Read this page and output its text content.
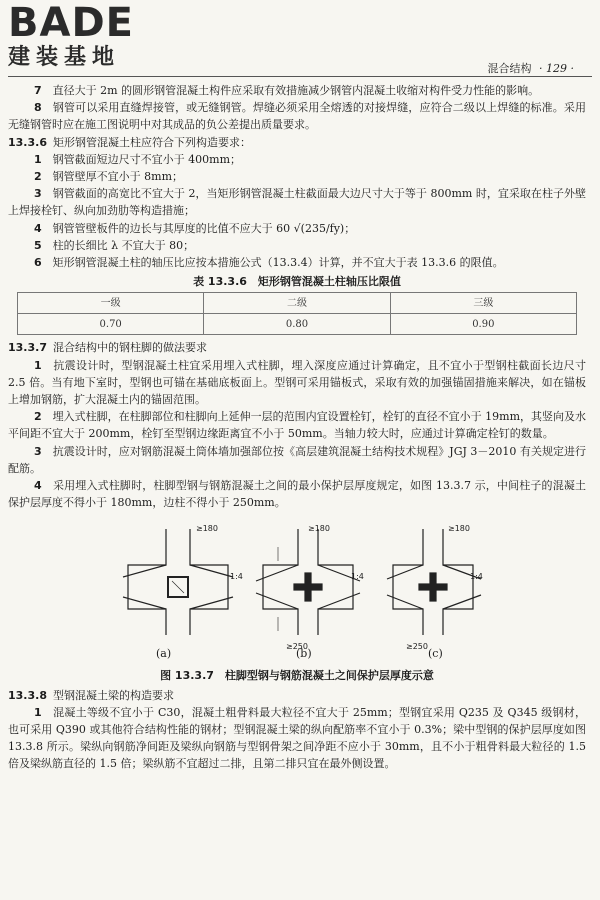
BADE
建装基地	混合结构 · 129 ·

7　 直径大于 2m 的圆形钢管混凝土构件应采取有效措施减少钢管内混凝土收缩对构件受力性能的影响。

8　 钢管可以采用直缝焊接管，或无缝钢管。焊缝必须采用全熔透的对接焊缝，应符合二级以上焊缝的标准。采用无缝钢管时应在施工图说明中对其成品的负公差提出质量要求。

13.3.6 矩形钢管混凝土柱应符合下列构造要求：

1　 钢管截面短边尺寸不宜小于 400mm；

2　 钢管壁厚不宜小于 8mm；

3　 钢管截面的高宽比不宜大于 2，当矩形钢管混凝土柱截面最大边尺寸大于等于 800mm 时，宜采取在柱子外壁上焊接栓钉、纵向加劲肋等构造措施；

4　 钢管管壁板件的边长与其厚度的比值不应大于 60 √(235/fy)；

5　 柱的长细比 λ 不宜大于 80；

6　 矩形钢管混凝土柱的轴压比应按本措施公式（13.3.4）计算，并不宜大于表 13.3.6 的限值。

表 13.3.6　矩形钢管混凝土柱轴压比限值
一级	二级	三级
0.70	0.80	0.90

13.3.7 混合结构中的钢柱脚的做法要求

1　 抗震设计时，型钢混凝土柱宜采用埋入式柱脚，埋入深度应通过计算确定，且不宜小于型钢柱截面长边尺寸 2.5 倍。当有地下室时，型钢也可锚在基础底板面上。型钢可采用锚板式，采取有效的加强锚固措施来解决，如在锚板上增加钢筋，扩大混凝土内的锚固范围。

2　 埋入式柱脚，在柱脚部位和柱脚向上延伸一层的范围内宜设置栓钉，栓钉的直径不宜小于 19mm，其竖向及水平间距不宜大于 200mm，栓钉至型钢边缘距离宜不小于 50mm。当轴力较大时，应通过计算确定栓钉的数量。

3　 抗震设计时，应对钢筋混凝土筒体墙加强部位按《高层建筑混凝土结构技术规程》JGJ 3－2010 有关规定进行配筋。

4　 采用埋入式柱脚时，柱脚型钢与钢筋混凝土之间的最小保护层厚度规定，如图 13.3.7 示，中间柱子的混凝土保护层厚度不得小于 180mm，边柱不得小于 250mm。

≥180	≥180	≥180
≥250	≥250
1:4	1:4	1:4
(a)	(b)	(c)
图 13.3.7　柱脚型钢与钢筋混凝土之间保护层厚度示意

13.3.8 型钢混凝土梁的构造要求

1　 混凝土等级不宜小于 C30，混凝土粗骨料最大粒径不宜大于 25mm；型钢宜采用 Q235 及 Q345 级钢材，也可采用 Q390 或其他符合结构性能的钢材；型钢混凝土梁的纵向配筋率不宜小于 0.3%；梁中型钢的保护层厚度如图 13.3.8 所示。梁纵向钢筋净间距及梁纵向钢筋与型钢骨架之间净距不应小于 30mm，且不小于粗骨料最大粒径的 1.5 倍及梁纵筋直径的 1.5 倍；梁纵筋不宜超过二排，且第二排只宜在最外侧设置。
